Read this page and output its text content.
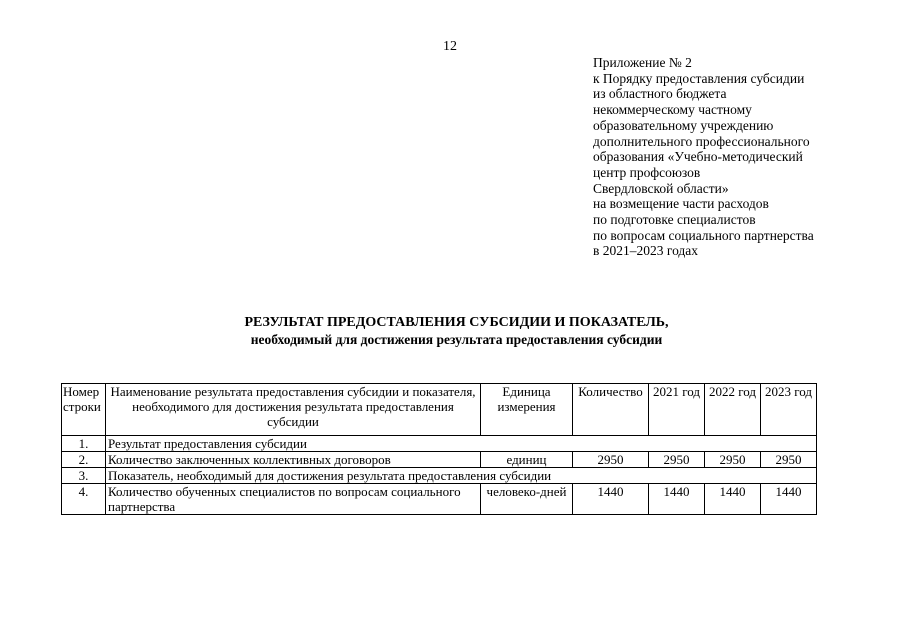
12
Приложение № 2
к Порядку предоставления субсидии
из областного бюджета
некоммерческому частному
образовательному учреждению
дополнительного профессионального
образования «Учебно-методический
центр профсоюзов
Свердловской области»
на возмещение части расходов
по подготовке специалистов
по вопросам социального партнерства
в 2021–2023 годах
РЕЗУЛЬТАТ ПРЕДОСТАВЛЕНИЯ СУБСИДИИ И ПОКАЗАТЕЛЬ,
необходимый для достижения результата предоставления субсидии
Номер строки	Наименование результата предоставления субсидии и показателя, необходимого для достижения результата предоставления субсидии	Единица измерения	Количество	2021 год	2022 год	2023 год
1.	Результат предоставления субсидии					
2.	Количество заключенных коллективных договоров	единиц	2950	2950	2950	2950
3.	Показатель, необходимый для достижения результата предоставления субсидии					
4.	Количество обученных специалистов по вопросам социального партнерства	человеко-дней	1440	1440	1440	1440
